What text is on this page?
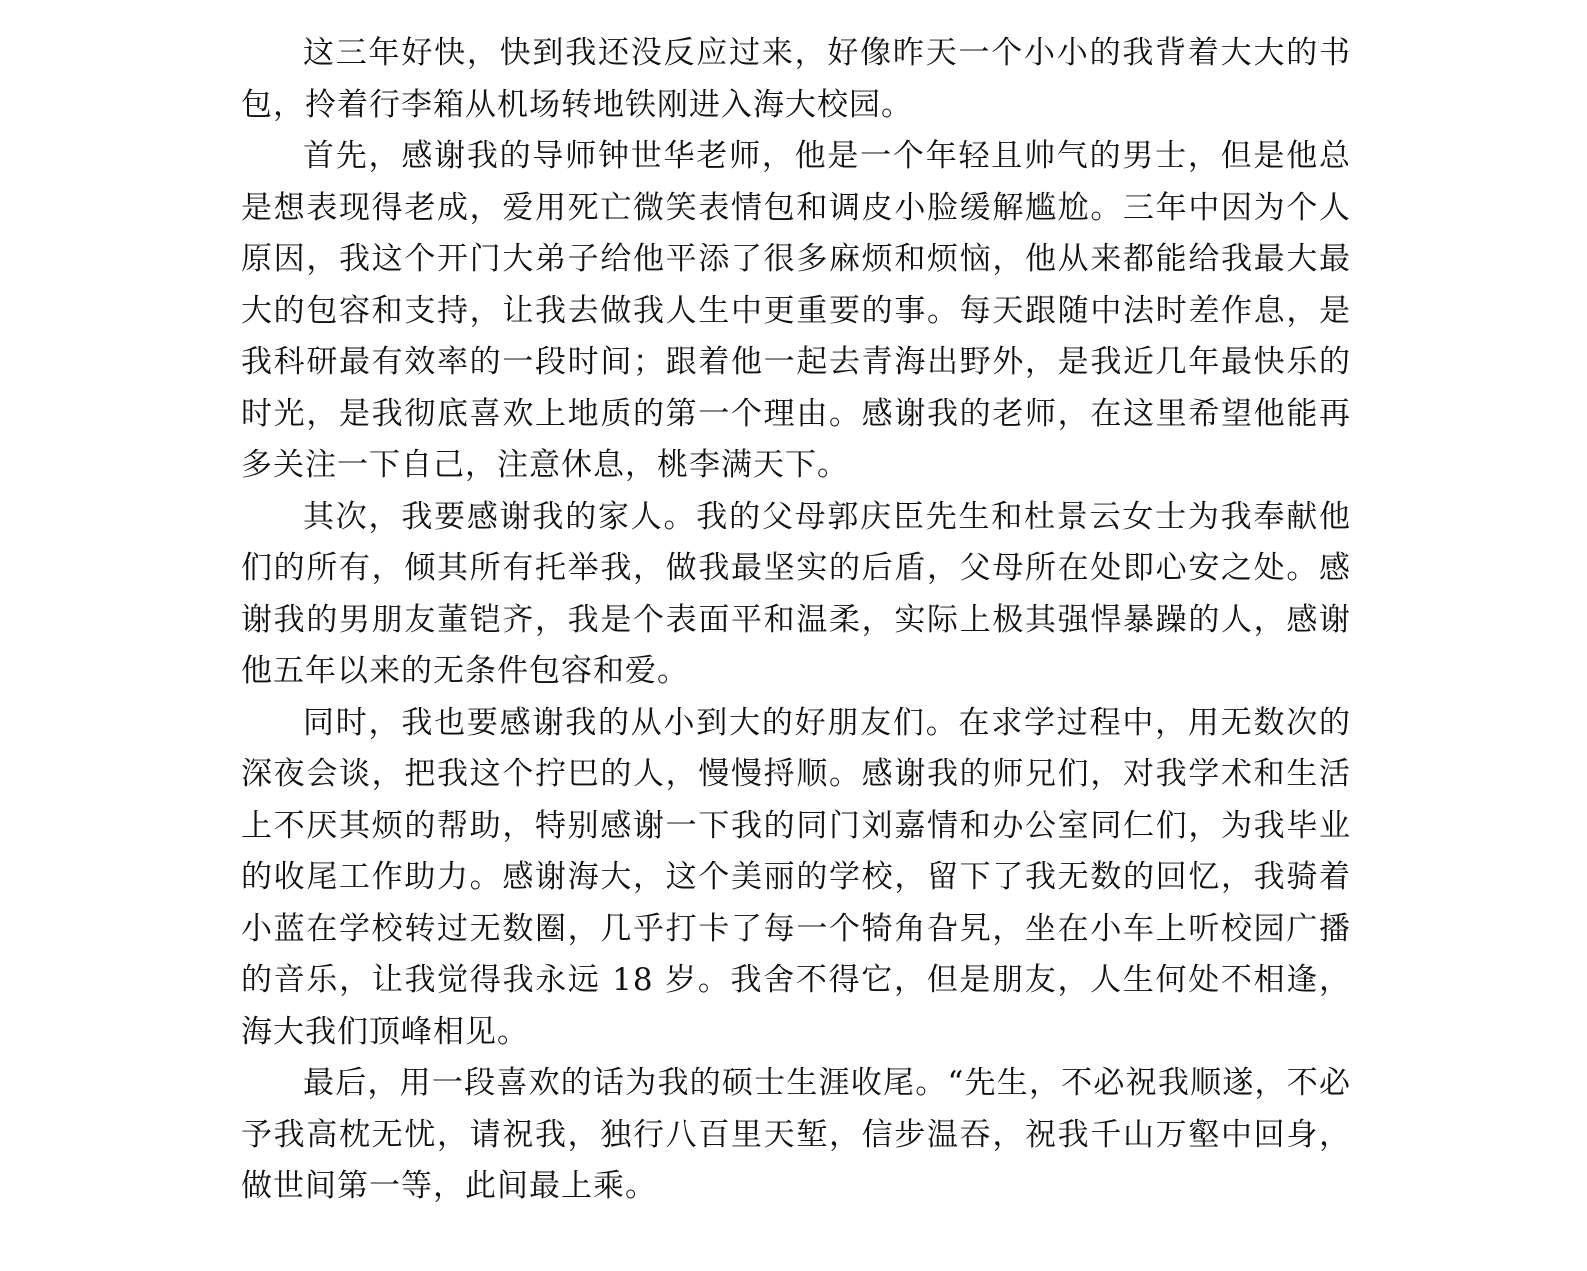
这三年好快，快到我还没反应过来，好像昨天一个小小的我背着大大的书包，拎着行李箱从机场转地铁刚进入海大校园。

首先，感谢我的导师钟世华老师，他是一个年轻且帅气的男士，但是他总是想表现得老成，爱用死亡微笑表情包和调皮小脸缓解尴尬。三年中因为个人原因，我这个开门大弟子给他平添了很多麻烦和烦恼，他从来都能给我最大最大的包容和支持，让我去做我人生中更重要的事。每天跟随中法时差作息，是我科研最有效率的一段时间；跟着他一起去青海出野外，是我近几年最快乐的时光，是我彻底喜欢上地质的第一个理由。感谢我的老师，在这里希望他能再多关注一下自己，注意休息，桃李满天下。

其次，我要感谢我的家人。我的父母郭庆臣先生和杜景云女士为我奉献他们的所有，倾其所有托举我，做我最坚实的后盾，父母所在处即心安之处。感谢我的男朋友董铠齐，我是个表面平和温柔，实际上极其强悍暴躁的人，感谢他五年以来的无条件包容和爱。

同时，我也要感谢我的从小到大的好朋友们。在求学过程中，用无数次的深夜会谈，把我这个拧巴的人，慢慢捋顺。感谢我的师兄们，对我学术和生活上不厌其烦的帮助，特别感谢一下我的同门刘嘉情和办公室同仁们，为我毕业的收尾工作助力。感谢海大，这个美丽的学校，留下了我无数的回忆，我骑着小蓝在学校转过无数圈，几乎打卡了每一个犄角旮旯，坐在小车上听校园广播的音乐，让我觉得我永远 18 岁。我舍不得它，但是朋友，人生何处不相逢，海大我们顶峰相见。

最后，用一段喜欢的话为我的硕士生涯收尾。“先生，不必祝我顺遂，不必予我高枕无忧，请祝我，独行八百里天堑，信步温吞，祝我千山万壑中回身，做世间第一等，此间最上乘。
